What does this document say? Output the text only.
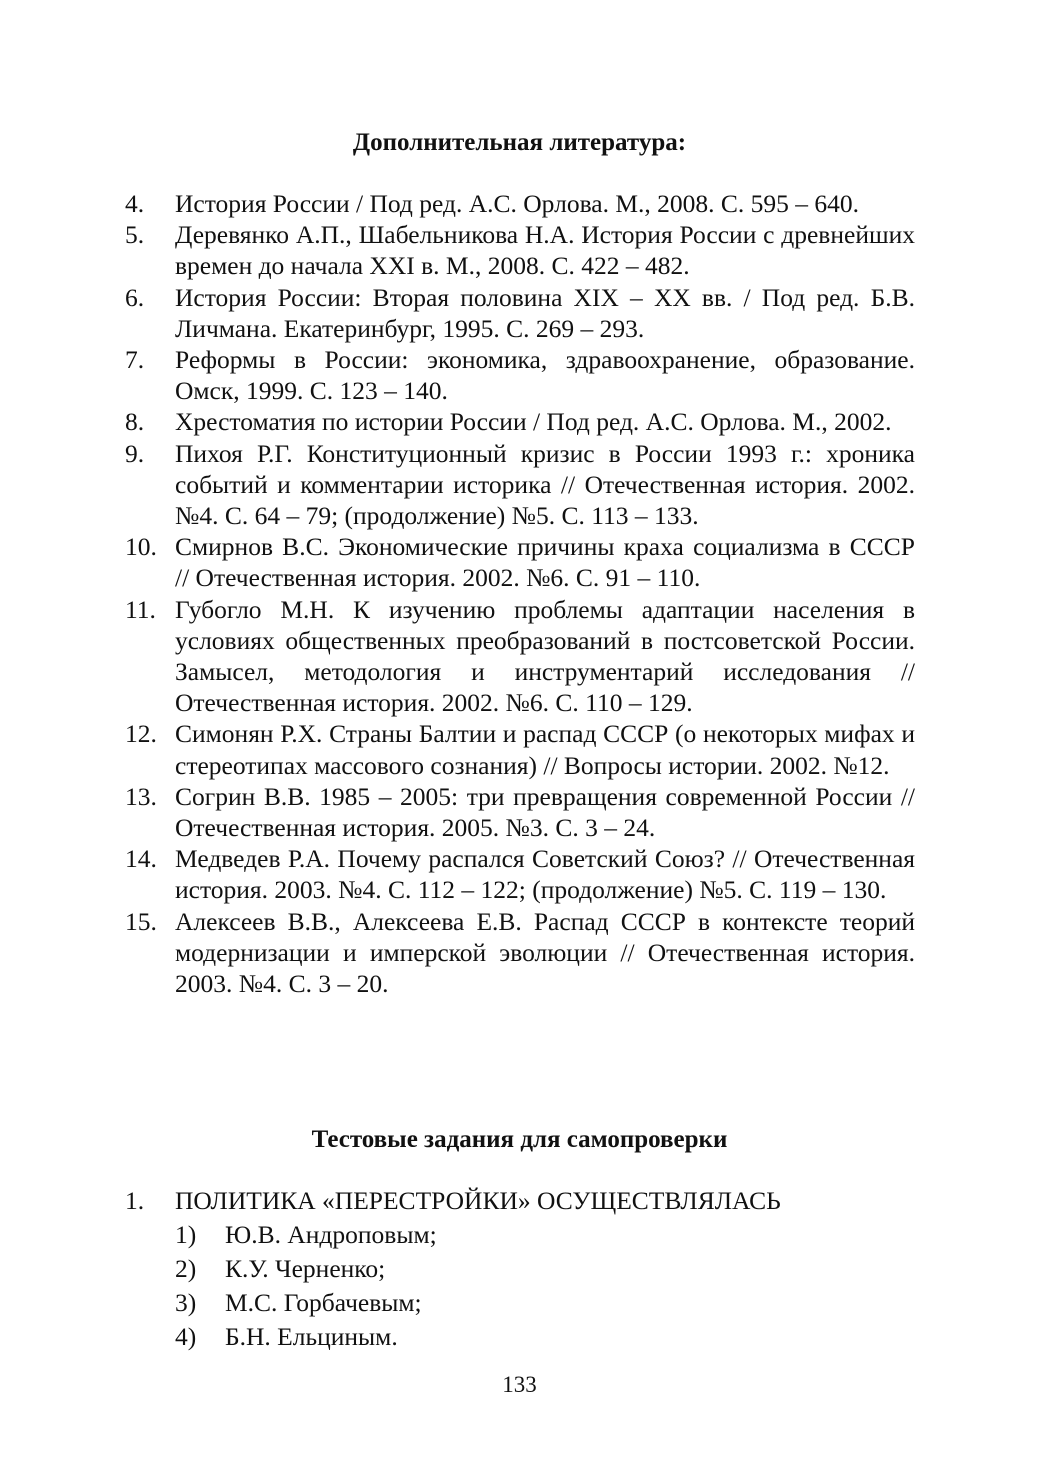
Дополнительная литература:
4. История России / Под ред. А.С. Орлова. М., 2008. С. 595 – 640.
5. Деревянко А.П., Шабельникова Н.А. История России с древнейших времен до начала XXI в. М., 2008. С. 422 – 482.
6. История России: Вторая половина XIX – XX вв. / Под ред. Б.В. Личмана. Екатеринбург, 1995. С. 269 – 293.
7. Реформы в России: экономика, здравоохранение, образование. Омск, 1999. С. 123 – 140.
8. Хрестоматия по истории России / Под ред. А.С. Орлова. М., 2002.
9. Пихоя Р.Г. Конституционный кризис в России 1993 г.: хроника событий и комментарии историка // Отечественная история. 2002. №4. С. 64 – 79; (продолжение) №5. С. 113 – 133.
10. Смирнов В.С. Экономические причины краха социализма в СССР // Отечественная история. 2002. №6. С. 91 – 110.
11. Губогло М.Н. К изучению проблемы адаптации населения в условиях общественных преобразований в постсоветской России. Замысел, методология и инструментарий исследования // Отечественная история. 2002. №6. С. 110 – 129.
12. Симонян Р.Х. Страны Балтии и распад СССР (о некоторых мифах и стереотипах массового сознания) // Вопросы истории. 2002. №12.
13. Согрин В.В. 1985 – 2005: три превращения современной России // Отечественная история. 2005. №3. С. 3 – 24.
14. Медведев Р.А. Почему распался Советский Союз? // Отечественная история. 2003. №4. С. 112 – 122; (продолжение) №5. С. 119 – 130.
15. Алексеев В.В., Алексеева Е.В. Распад СССР в контексте теорий модернизации и имперской эволюции // Отечественная история. 2003. №4. С. 3 – 20.
Тестовые задания для самопроверки
1. ПОЛИТИКА «ПЕРЕСТРОЙКИ» ОСУЩЕСТВЛЯЛАСЬ
1) Ю.В. Андроповым;
2) К.У. Черненко;
3) М.С. Горбачевым;
4) Б.Н. Ельциным.
133
